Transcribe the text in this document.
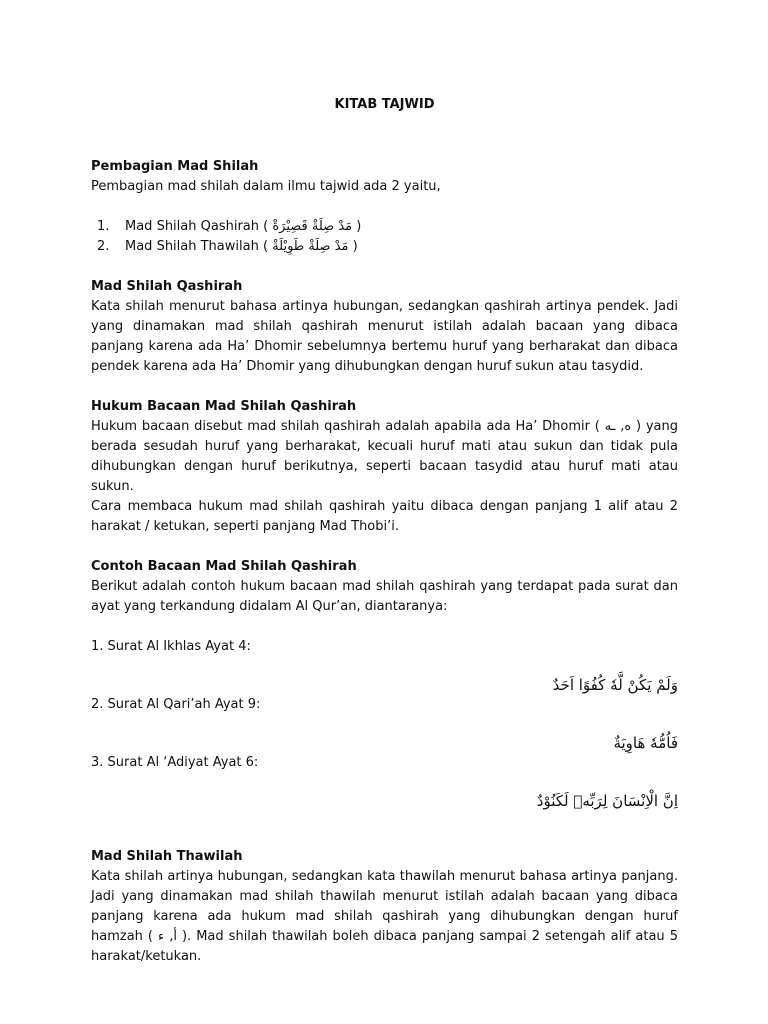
KITAB TAJWID

Pembagian Mad Shilah

Pembagian mad shilah dalam ilmu tajwid ada 2 yaitu,

1.	Mad Shilah Qashirah ( مَدْ صِلَةْ قَصِيْرَةْ )
2.	Mad Shilah Thawilah ( مَدْ صِلَةْ طَوِيْلَةْ )

Mad Shilah Qashirah

Kata shilah menurut bahasa artinya hubungan, sedangkan qashirah artinya pendek. Jadi yang dinamakan mad shilah qashirah menurut istilah adalah bacaan yang dibaca panjang karena ada Ha’ Dhomir sebelumnya bertemu huruf yang berharakat dan dibaca pendek karena ada Ha’ Dhomir yang dihubungkan dengan huruf sukun atau tasydid.

Hukum Bacaan Mad Shilah Qashirah

Hukum bacaan disebut mad shilah qashirah adalah apabila ada Ha’ Dhomir ( ه, ـه ) yang berada sesudah huruf yang berharakat, kecuali huruf mati atau sukun dan tidak pula dihubungkan dengan huruf berikutnya, seperti bacaan tasydid atau huruf mati atau sukun.

Cara membaca hukum mad shilah qashirah yaitu dibaca dengan panjang 1 alif atau 2 harakat / ketukan, seperti panjang Mad Thobi’i.

Contoh Bacaan Mad Shilah Qashirah

Berikut adalah contoh hukum bacaan mad shilah qashirah yang terdapat pada surat dan ayat yang terkandung didalam Al Qur’an, diantaranya:

1. Surat Al Ikhlas Ayat 4:

وَلَمْ يَكُنْ لَّهٗ كُفُوًا اَحَدٌ

2. Surat Al Qari’ah Ayat 9:

فَاُمُّهٗ هَاوِيَةٌ

3. Surat Al ‘Adiyat Ayat 6:

اِنَّ الْاِنْسَانَ لِرَبِّهٖ لَكَنُوْدٌ

Mad Shilah Thawilah

Kata shilah artinya hubungan, sedangkan kata thawilah menurut bahasa artinya panjang. Jadi yang dinamakan mad shilah thawilah menurut istilah adalah bacaan yang dibaca panjang karena ada hukum mad shilah qashirah yang dihubungkan dengan huruf hamzah ( أ, ء ). Mad shilah thawilah boleh dibaca panjang sampai 2 setengah alif atau 5 harakat/ketukan.
